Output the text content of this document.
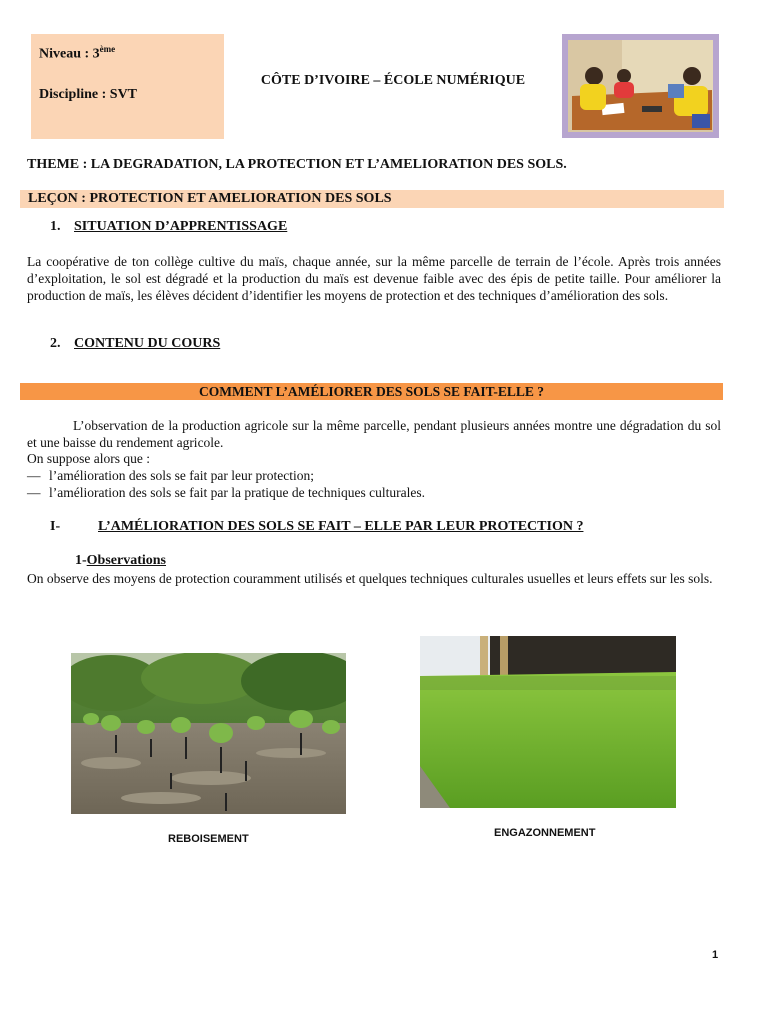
Niveau : 3ème
Discipline : SVT
CÔTE D’IVOIRE – ÉCOLE NUMÉRIQUE
THEME : LA DEGRADATION, LA PROTECTION ET L’AMELIORATION DES SOLS.
LEÇON : PROTECTION ET AMELIORATION DES SOLS
1. SITUATION D’APPRENTISSAGE
La coopérative de ton collège cultive du maïs, chaque année, sur la même parcelle de terrain de l’école. Après trois années d’exploitation, le sol est dégradé et la production du maïs est devenue faible avec des épis de petite taille. Pour améliorer la production de maïs, les élèves décident d’identifier les moyens de protection et des techniques d’amélioration des sols.
2. CONTENU DU COURS
COMMENT L’AMÉLIORER DES SOLS SE FAIT-ELLE ?
L’observation de la production agricole sur la même parcelle, pendant plusieurs années montre une dégradation du sol et une baisse du rendement agricole.
On suppose alors que :
— l’amélioration des sols se fait par leur protection;
— l’amélioration des sols se fait par la pratique de techniques culturales.
I-	L’AMÉLIORATION DES SOLS SE FAIT – ELLE PAR LEUR PROTECTION ?
1-Observations
On observe des moyens de protection couramment utilisés et quelques techniques culturales usuelles et leurs effets sur les sols.
REBOISEMENT	ENGAZONNEMENT
1
